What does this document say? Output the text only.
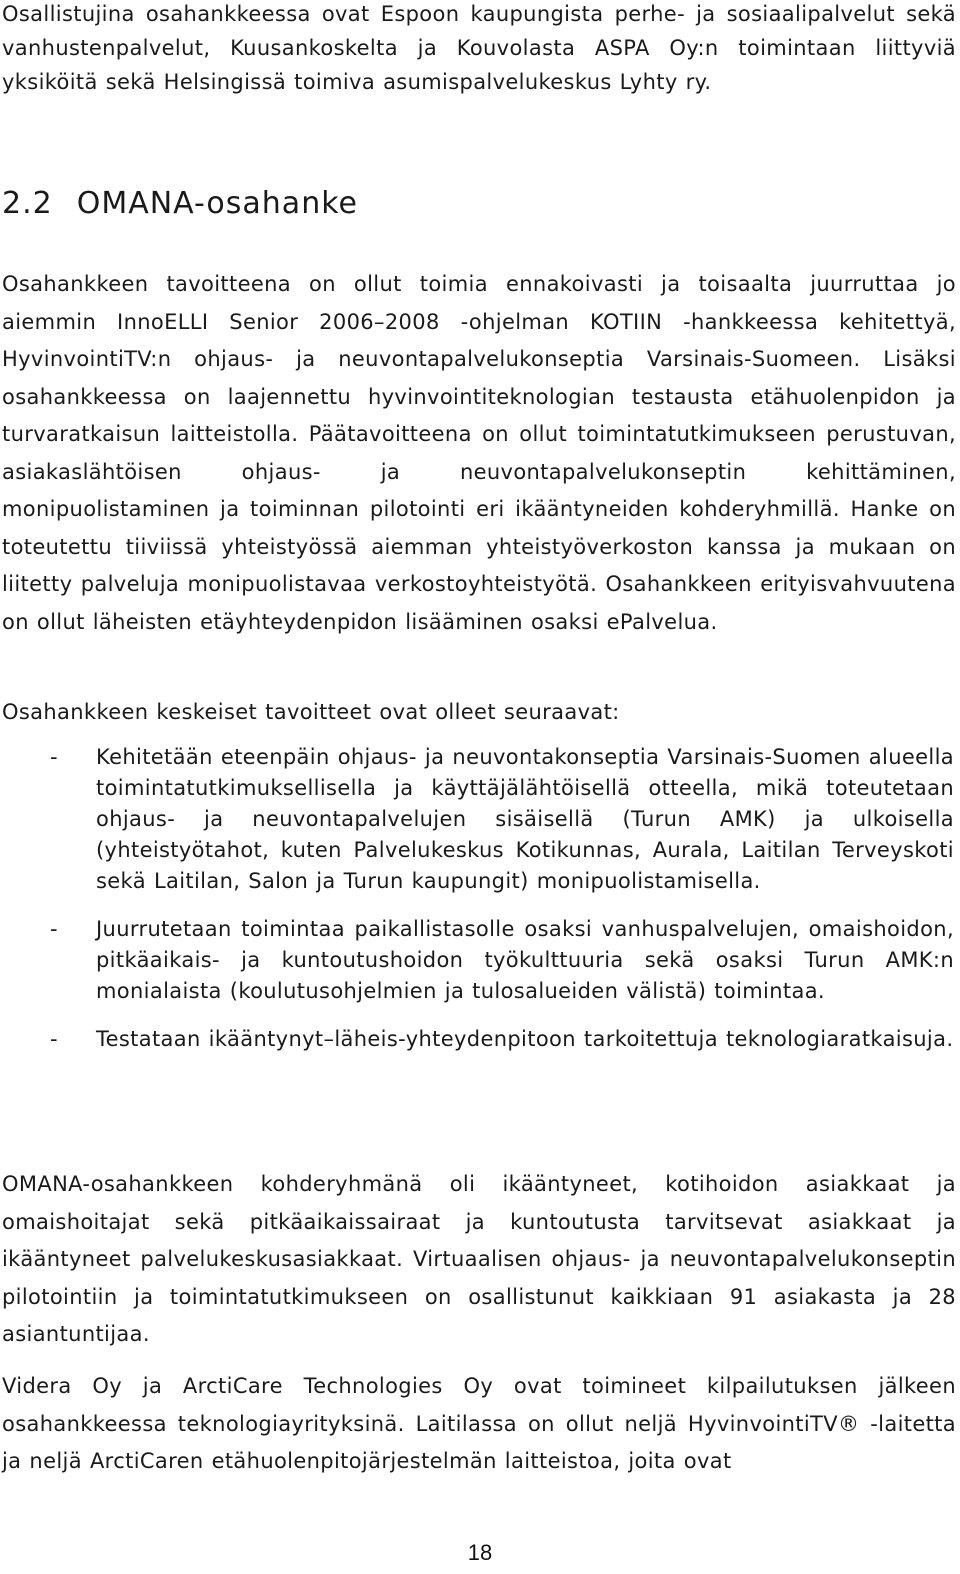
Osallistujina osahankkeessa ovat Espoon kaupungista perhe- ja sosiaalipalvelut sekä vanhustenpalvelut, Kuusankoskelta ja Kouvolasta ASPA Oy:n toimintaan liittyviä yksiköitä sekä Helsingissä toimiva asumispalvelukeskus Lyhty ry.

2.2 OMANA-osahanke

Osahankkeen tavoitteena on ollut toimia ennakoivasti ja toisaalta juurruttaa jo aiemmin InnoELLI Senior 2006–2008 -ohjelman KOTIIN -hankkeessa kehitettyä, HyvinvointiTV:n ohjaus- ja neuvontapalvelukonseptia Varsinais-Suomeen. Lisäksi osahankkeessa on laajennettu hyvinvointiteknologian testausta etähuolenpidon ja turvaratkaisun laitteistolla. Päätavoitteena on ollut toimintatutkimukseen perustuvan, asiakaslähtöisen ohjaus- ja neuvontapalvelukonseptin kehittäminen, monipuolistaminen ja toiminnan pilotointi eri ikääntyneiden kohderyhmillä. Hanke on toteutettu tiiviissä yhteistyössä aiemman yhteistyöverkoston kanssa ja mukaan on liitetty palveluja monipuolistavaa verkostoyhteistyötä. Osahankkeen erityisvahvuutena on ollut läheisten etäyhteydenpidon lisääminen osaksi ePalvelua.

Osahankkeen keskeiset tavoitteet ovat olleet seuraavat:

- Kehitetään eteenpäin ohjaus- ja neuvontakonseptia Varsinais-Suomen alueella toimintatutkimuksellisella ja käyttäjälähtöisellä otteella, mikä toteutetaan ohjaus- ja neuvontapalvelujen sisäisellä (Turun AMK) ja ulkoisella (yhteistyötahot, kuten Palvelukeskus Kotikunnas, Aurala, Laitilan Terveyskoti sekä Laitilan, Salon ja Turun kaupungit) monipuolistamisella.
- Juurrutetaan toimintaa paikallistasolle osaksi vanhuspalvelujen, omaishoidon, pitkäaikais- ja kuntoutushoidon työkulttuuria sekä osaksi Turun AMK:n monialaista (koulutusohjelmien ja tulosalueiden välistä) toimintaa.
- Testataan ikääntynyt–läheis-yhteydenpitoon tarkoitettuja teknologiaratkaisuja.

OMANA-osahankkeen kohderyhmänä oli ikääntyneet, kotihoidon asiakkaat ja omaishoitajat sekä pitkäaikaissairaat ja kuntoutusta tarvitsevat asiakkaat ja ikääntyneet palvelukeskusasiakkaat. Virtuaalisen ohjaus- ja neuvontapalvelukonseptin pilotointiin ja toimintatutkimukseen on osallistunut kaikkiaan 91 asiakasta ja 28 asiantuntijaa.

Videra Oy ja ArctiCare Technologies Oy ovat toimineet kilpailutuksen jälkeen osahankkeessa teknologiayrityksinä. Laitilassa on ollut neljä HyvinvointiTV® -laitetta ja neljä ArctiCaren etähuolenpitojärjestelmän laitteistoa, joita ovat

18
